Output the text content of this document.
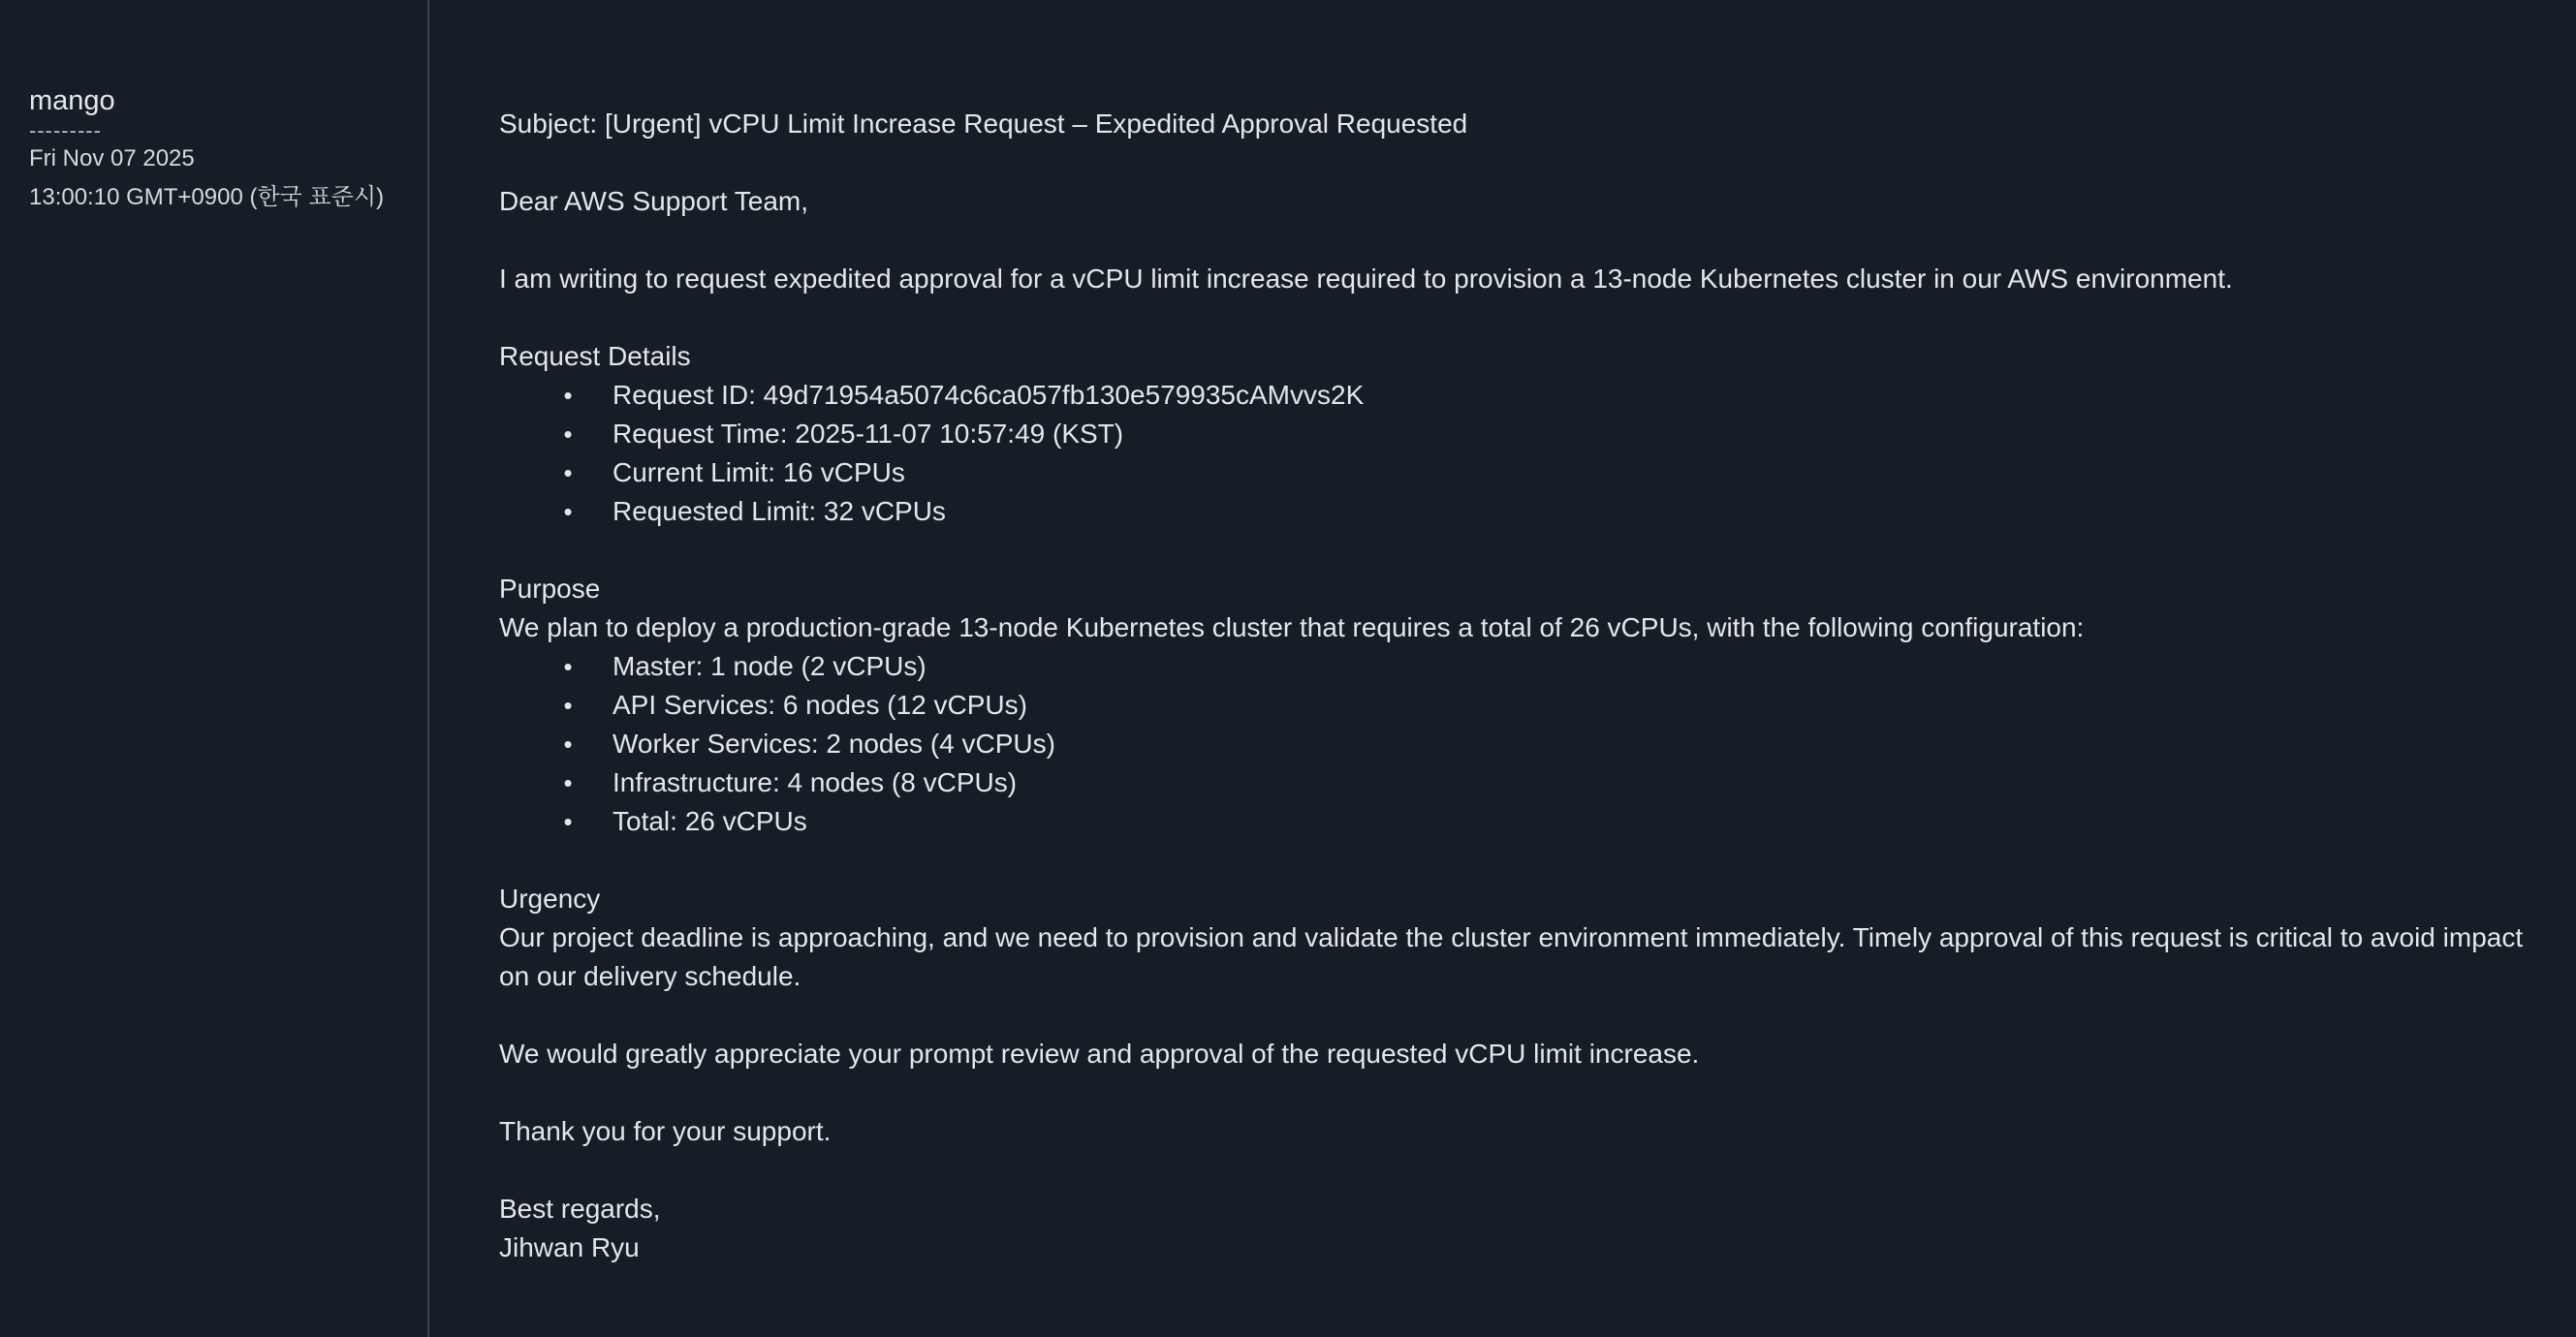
mango

---------

Fri Nov 07 2025

13:00:10 GMT+0900 (한국 표준시)

Subject: [Urgent] vCPU Limit Increase Request – Expedited Approval Requested

Dear AWS Support Team,

I am writing to request expedited approval for a vCPU limit increase required to provision a 13-node Kubernetes cluster in our AWS environment.

Request Details

•	Request ID: 49d71954a5074c6ca057fb130e579935cAMvvs2K
•	Request Time: 2025-11-07 10:57:49 (KST)
•	Current Limit: 16 vCPUs
•	Requested Limit: 32 vCPUs

Purpose

We plan to deploy a production-grade 13-node Kubernetes cluster that requires a total of 26 vCPUs, with the following configuration:

•	Master: 1 node (2 vCPUs)
•	API Services: 6 nodes (12 vCPUs)
•	Worker Services: 2 nodes (4 vCPUs)
•	Infrastructure: 4 nodes (8 vCPUs)
•	Total: 26 vCPUs

Urgency

Our project deadline is approaching, and we need to provision and validate the cluster environment immediately. Timely approval of this request is critical to avoid impact on our delivery schedule.

We would greatly appreciate your prompt review and approval of the requested vCPU limit increase.

Thank you for your support.

Best regards,

Jihwan Ryu
